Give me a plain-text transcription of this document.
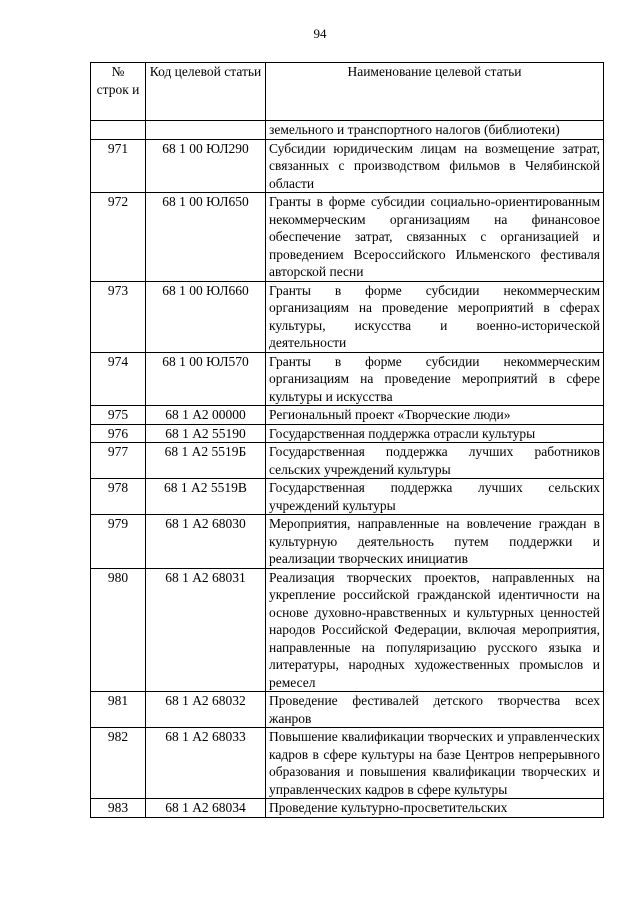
94
№ строк и	Код целевой статьи	Наименование целевой статьи
		земельного и транспортного налогов (библиотеки)
971	68 1 00 ЮЛ290	Субсидии юридическим лицам на возмещение затрат, связанных с производством фильмов в Челябинской области
972	68 1 00 ЮЛ650	Гранты в форме субсидии социально-ориентированным некоммерческим организациям на финансовое обеспечение затрат, связанных с организацией и проведением Всероссийского Ильменского фестиваля авторской песни
973	68 1 00 ЮЛ660	Гранты в форме субсидии некоммерческим организациям на проведение мероприятий в сферах культуры, искусства и военно-исторической деятельности
974	68 1 00 ЮЛ570	Гранты в форме субсидии некоммерческим организациям на проведение мероприятий в сфере культуры и искусства
975	68 1 А2 00000	Региональный проект «Творческие люди»
976	68 1 А2 55190	Государственная поддержка отрасли культуры
977	68 1 А2 5519Б	Государственная поддержка лучших работников сельских учреждений культуры
978	68 1 А2 5519В	Государственная поддержка лучших сельских учреждений культуры
979	68 1 А2 68030	Мероприятия, направленные на вовлечение граждан в культурную деятельность путем поддержки и реализации творческих инициатив
980	68 1 А2 68031	Реализация творческих проектов, направленных на укрепление российской гражданской идентичности на основе духовно-нравственных и культурных ценностей народов Российской Федерации, включая мероприятия, направленные на популяризацию русского языка и литературы, народных художественных промыслов и ремесел
981	68 1 А2 68032	Проведение фестивалей детского творчества всех жанров
982	68 1 А2 68033	Повышение квалификации творческих и управленческих кадров в сфере культуры на базе Центров непрерывного образования и повышения квалификации творческих и управленческих кадров в сфере культуры
983	68 1 А2 68034	Проведение культурно-просветительских
